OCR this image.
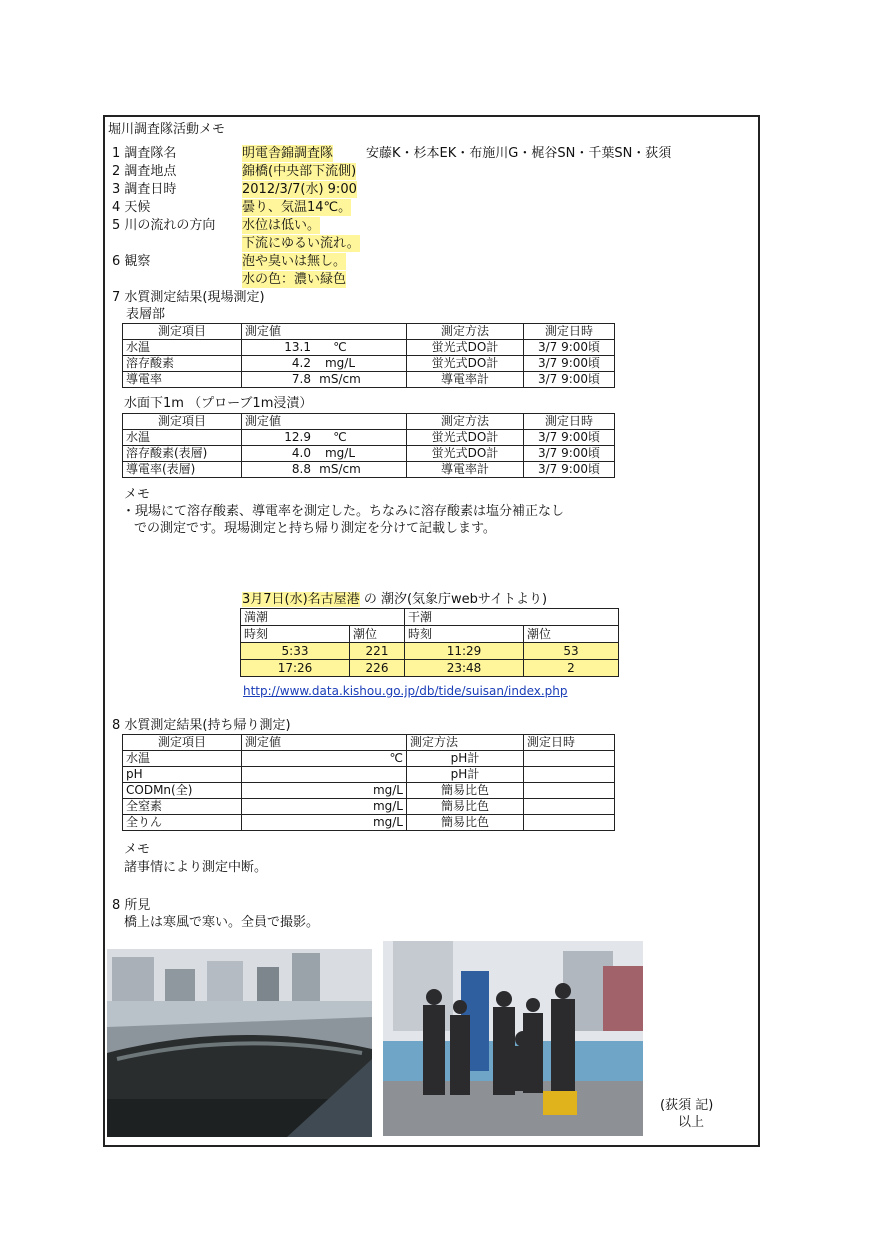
堀川調査隊活動メモ
1 調査隊名	明電舎錦調査隊	安藤K・杉本EK・布施川G・梶谷SN・千葉SN・荻須
2 調査地点	錦橋(中央部下流側)
3 調査日時	2012/3/7(水) 9:00
4 天候	曇り、気温14℃。
5 川の流れの方向 水位は低い。
下流にゆるい流れ。
6 観察	泡や臭いは無し。
水の色：濃い緑色
7 水質測定結果(現場測定)
表層部
測定項目	測定値	測定方法	測定日時
水温	13.1 ℃	蛍光式DO計	3/7 9:00頃
溶存酸素	4.2 mg/L	蛍光式DO計	3/7 9:00頃
導電率	7.8 mS/cm	導電率計	3/7 9:00頃
水面下1m （プローブ1m浸漬）
測定項目	測定値	測定方法	測定日時
水温	12.9 ℃	蛍光式DO計	3/7 9:00頃
溶存酸素(表層)	4.0 mg/L	蛍光式DO計	3/7 9:00頃
導電率(表層)	8.8 mS/cm	導電率計	3/7 9:00頃
メモ
・現場にて溶存酸素、導電率を測定した。ちなみに溶存酸素は塩分補正なし
での測定です。現場測定と持ち帰り測定を分けて記載します。
3月7日(水)名古屋港 の 潮汐(気象庁webサイトより)
満潮		干潮	
時刻	潮位	時刻	潮位
5:33	221	11:29	53
17:26	226	23:48	2
http://www.data.kishou.go.jp/db/tide/suisan/index.php
8 水質測定結果(持ち帰り測定)
測定項目	測定値	測定方法	測定日時
水温	℃	pH計	
pH		pH計	
CODMn(全)	mg/L	簡易比色	
全窒素	mg/L	簡易比色	
全りん	mg/L	簡易比色	
メモ
諸事情により測定中断。
8 所見
橋上は寒風で寒い。全員で撮影。
(荻須 記)
以上
